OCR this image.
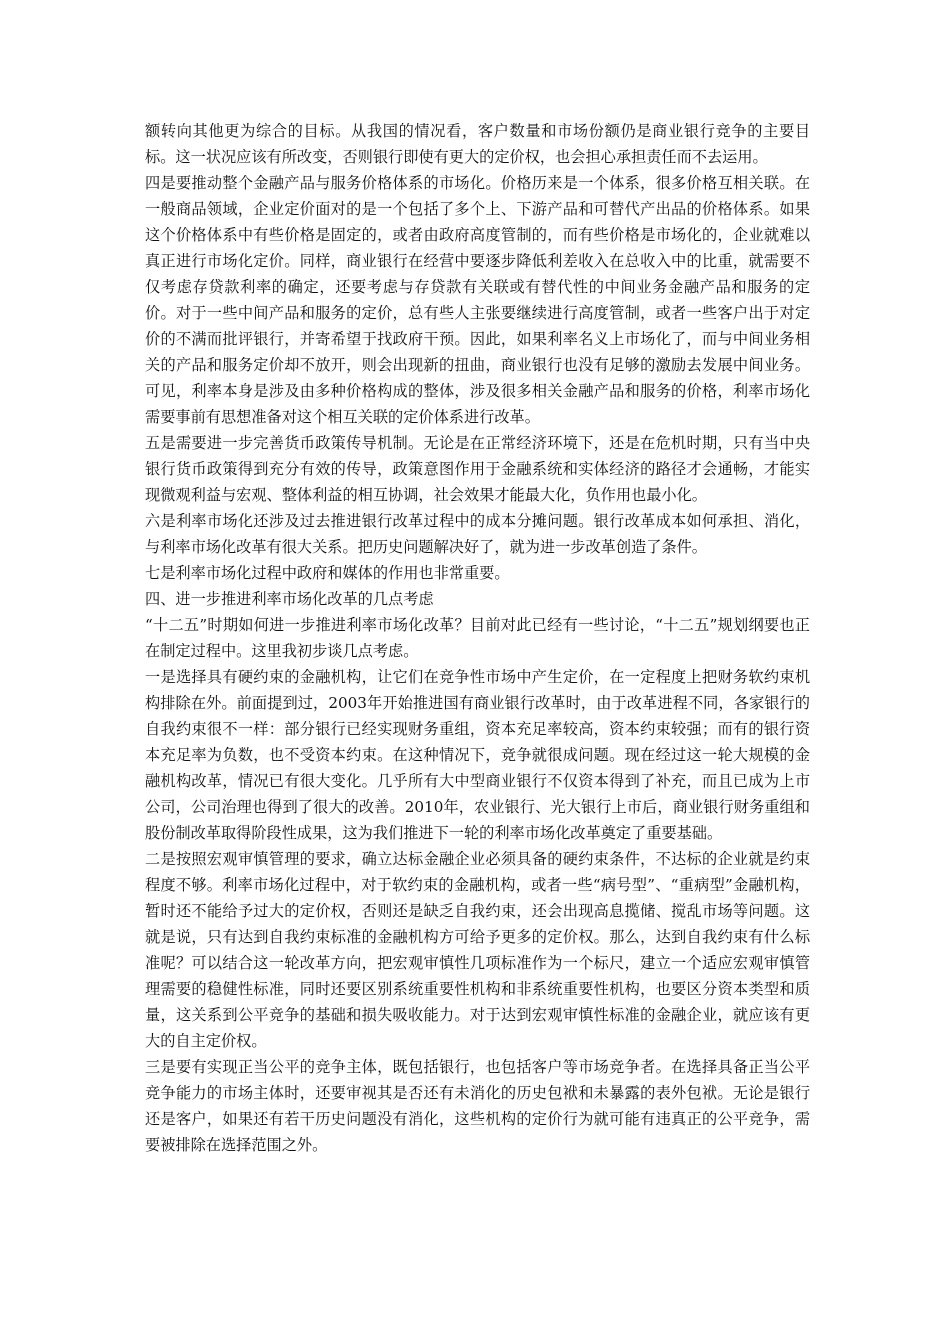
额转向其他更为综合的目标。从我国的情况看，客户数量和市场份额仍是商业银行竞争的主要目标。这一状况应该有所改变，否则银行即使有更大的定价权，也会担心承担责任而不去运用。

四是要推动整个金融产品与服务价格体系的市场化。价格历来是一个体系，很多价格互相关联。在一般商品领域，企业定价面对的是一个包括了多个上、下游产品和可替代产出品的价格体系。如果这个价格体系中有些价格是固定的，或者由政府高度管制的，而有些价格是市场化的，企业就难以真正进行市场化定价。同样，商业银行在经营中要逐步降低利差收入在总收入中的比重，就需要不仅考虑存贷款利率的确定，还要考虑与存贷款有关联或有替代性的中间业务金融产品和服务的定价。对于一些中间产品和服务的定价，总有些人主张要继续进行高度管制，或者一些客户出于对定价的不满而批评银行，并寄希望于找政府干预。因此，如果利率名义上市场化了，而与中间业务相关的产品和服务定价却不放开，则会出现新的扭曲，商业银行也没有足够的激励去发展中间业务。可见，利率本身是涉及由多种价格构成的整体，涉及很多相关金融产品和服务的价格，利率市场化需要事前有思想准备对这个相互关联的定价体系进行改革。

五是需要进一步完善货币政策传导机制。无论是在正常经济环境下，还是在危机时期，只有当中央银行货币政策得到充分有效的传导，政策意图作用于金融系统和实体经济的路径才会通畅，才能实现微观利益与宏观、整体利益的相互协调，社会效果才能最大化，负作用也最小化。

六是利率市场化还涉及过去推进银行改革过程中的成本分摊问题。银行改革成本如何承担、消化，与利率市场化改革有很大关系。把历史问题解决好了，就为进一步改革创造了条件。

七是利率市场化过程中政府和媒体的作用也非常重要。

四、进一步推进利率市场化改革的几点考虑

“十二五”时期如何进一步推进利率市场化改革？目前对此已经有一些讨论，“十二五”规划纲要也正在制定过程中。这里我初步谈几点考虑。

一是选择具有硬约束的金融机构，让它们在竞争性市场中产生定价，在一定程度上把财务软约束机构排除在外。前面提到过，2003年开始推进国有商业银行改革时，由于改革进程不同，各家银行的自我约束很不一样：部分银行已经实现财务重组，资本充足率较高，资本约束较强；而有的银行资本充足率为负数，也不受资本约束。在这种情况下，竞争就很成问题。现在经过这一轮大规模的金融机构改革，情况已有很大变化。几乎所有大中型商业银行不仅资本得到了补充，而且已成为上市公司，公司治理也得到了很大的改善。2010年，农业银行、光大银行上市后，商业银行财务重组和股份制改革取得阶段性成果，这为我们推进下一轮的利率市场化改革奠定了重要基础。

二是按照宏观审慎管理的要求，确立达标金融企业必须具备的硬约束条件，不达标的企业就是约束程度不够。利率市场化过程中，对于软约束的金融机构，或者一些“病号型”、“重病型”金融机构，暂时还不能给予过大的定价权，否则还是缺乏自我约束，还会出现高息揽储、搅乱市场等问题。这就是说，只有达到自我约束标准的金融机构方可给予更多的定价权。那么，达到自我约束有什么标准呢？可以结合这一轮改革方向，把宏观审慎性几项标准作为一个标尺，建立一个适应宏观审慎管理需要的稳健性标准，同时还要区别系统重要性机构和非系统重要性机构，也要区分资本类型和质量，这关系到公平竞争的基础和损失吸收能力。对于达到宏观审慎性标准的金融企业，就应该有更大的自主定价权。

三是要有实现正当公平的竞争主体，既包括银行，也包括客户等市场竞争者。在选择具备正当公平竞争能力的市场主体时，还要审视其是否还有未消化的历史包袱和未暴露的表外包袱。无论是银行还是客户，如果还有若干历史问题没有消化，这些机构的定价行为就可能有违真正的公平竞争，需要被排除在选择范围之外。
